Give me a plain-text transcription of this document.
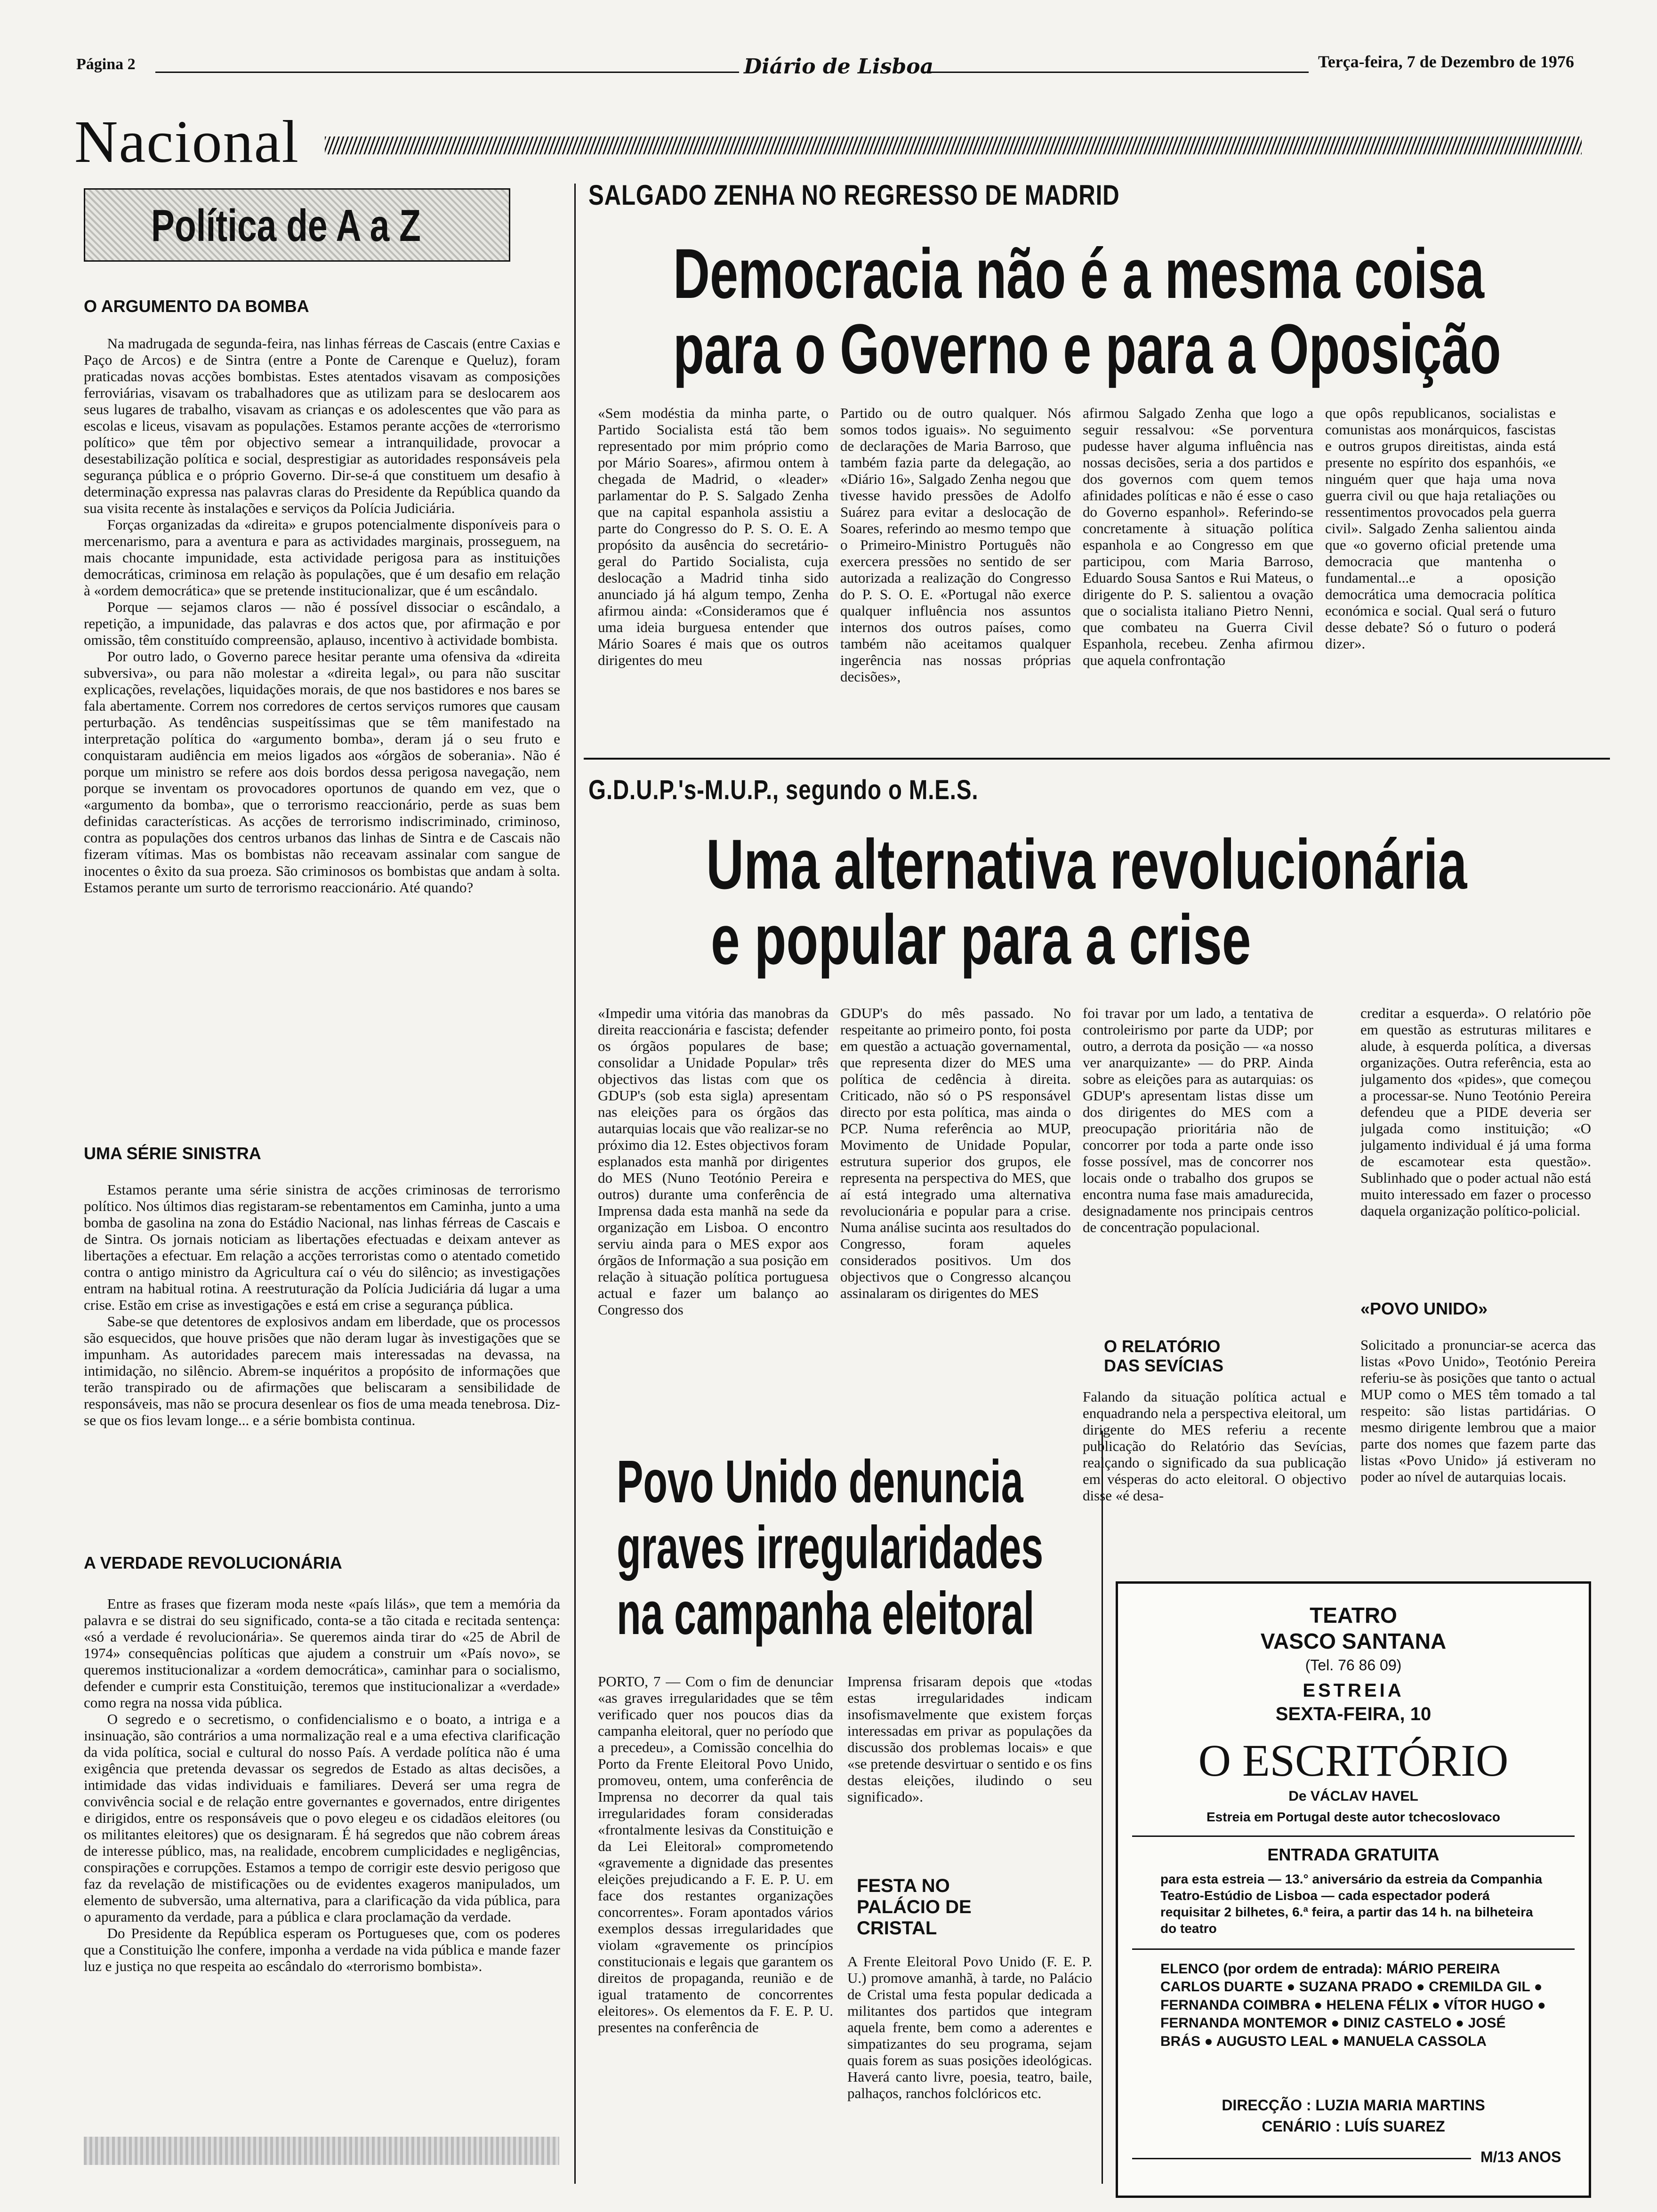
Página 2	Diário de Lisboa	Terça-feira, 7 de Dezembro de 1976
Nacional
Política de A a Z
O ARGUMENTO DA BOMBA

Na madrugada de segunda-feira, nas linhas férreas de Cascais (entre Caxias e Paço de Arcos) e de Sintra (entre a Ponte de Carenque e Queluz), foram praticadas novas acções bombistas. Estes atentados visavam as composições ferroviárias, visavam os trabalhadores que as utilizam para se deslocarem aos seus lugares de trabalho, visavam as crianças e os adolescentes que vão para as escolas e liceus, visavam as populações. Estamos perante acções de «terrorismo político» que têm por objectivo semear a intranquilidade, provocar a desestabilização política e social, desprestigiar as autoridades responsáveis pela segurança pública e o próprio Governo. Dir-se-á que constituem um desafio à determinação expressa nas palavras claras do Presidente da República quando da sua visita recente às instalações e serviços da Polícia Judiciária.

Forças organizadas da «direita» e grupos potencialmente disponíveis para o mercenarismo, para a aventura e para as actividades marginais, prosseguem, na mais chocante impunidade, esta actividade perigosa para as instituições democráticas, criminosa em relação às populações, que é um desafio em relação à «ordem democrática» que se pretende institucionalizar, que é um escândalo.

Porque — sejamos claros — não é possível dissociar o escândalo, a repetição, a impunidade, das palavras e dos actos que, por afirmação e por omissão, têm constituído compreensão, aplauso, incentivo à actividade bombista.

Por outro lado, o Governo parece hesitar perante uma ofensiva da «direita subversiva», ou para não molestar a «direita legal», ou para não suscitar explicações, revelações, liquidações morais, de que nos bastidores e nos bares se fala abertamente. Correm nos corredores de certos serviços rumores que causam perturbação. As tendências suspeitíssimas que se têm manifestado na interpretação política do «argumento bomba», deram já o seu fruto e conquistaram audiência em meios ligados aos «órgãos de soberania». Não é porque um ministro se refere aos dois bordos dessa perigosa navegação, nem porque se inventam os provocadores oportunos de quando em vez, que o «argumento da bomba», que o terrorismo reaccionário, perde as suas bem definidas características. As acções de terrorismo indiscriminado, criminoso, contra as populações dos centros urbanos das linhas de Sintra e de Cascais não fizeram vítimas. Mas os bombistas não receavam assinalar com sangue de inocentes o êxito da sua proeza. São criminosos os bombistas que andam à solta. Estamos perante um surto de terrorismo reaccionário. Até quando?

UMA SÉRIE SINISTRA

Estamos perante uma série sinistra de acções criminosas de terrorismo político. Nos últimos dias registaram-se rebentamentos em Caminha, junto a uma bomba de gasolina na zona do Estádio Nacional, nas linhas férreas de Cascais e de Sintra. Os jornais noticiam as libertações efectuadas e deixam antever as libertações a efectuar. Em relação a acções terroristas como o atentado cometido contra o antigo ministro da Agricultura caí o véu do silêncio; as investigações entram na habitual rotina. A reestruturação da Polícia Judiciária dá lugar a uma crise. Estão em crise as investigações e está em crise a segurança pública.

Sabe-se que detentores de explosivos andam em liberdade, que os processos são esquecidos, que houve prisões que não deram lugar às investigações que se impunham. As autoridades parecem mais interessadas na devassa, na intimidação, no silêncio. Abrem-se inquéritos a propósito de informações que terão transpirado ou de afirmações que beliscaram a sensibilidade de responsáveis, mas não se procura desenlear os fios de uma meada tenebrosa. Diz-se que os fios levam longe... e a série bombista continua.

A VERDADE REVOLUCIONÁRIA

Entre as frases que fizeram moda neste «país lilás», que tem a memória da palavra e se distrai do seu significado, conta-se a tão citada e recitada sentença: «só a verdade é revolucionária». Se queremos ainda tirar do «25 de Abril de 1974» consequências políticas que ajudem a construir um «País novo», se queremos institucionalizar a «ordem democrática», caminhar para o socialismo, defender e cumprir esta Constituição, teremos que institucionalizar a «verdade» como regra na nossa vida pública.

O segredo e o secretismo, o confidencialismo e o boato, a intriga e a insinuação, são contrários a uma normalização real e a uma efectiva clarificação da vida política, social e cultural do nosso País. A verdade política não é uma exigência que pretenda devassar os segredos de Estado as altas decisões, a intimidade das vidas individuais e familiares. Deverá ser uma regra de convivência social e de relação entre governantes e governados, entre dirigentes e dirigidos, entre os responsáveis que o povo elegeu e os cidadãos eleitores (ou os militantes eleitores) que os designaram. É há segredos que não cobrem áreas de interesse público, mas, na realidade, encobrem cumplicidades e negligências, conspirações e corrupções. Estamos a tempo de corrigir este desvio perigoso que faz da revelação de mistificações ou de evidentes exageros manipulados, um elemento de subversão, uma alternativa, para a clarificação da vida pública, para o apuramento da verdade, para a pública e clara proclamação da verdade.

Do Presidente da República esperam os Portugueses que, com os poderes que a Constituição lhe confere, imponha a verdade na vida pública e mande fazer luz e justiça no que respeita ao escândalo do «terrorismo bombista».

SALGADO ZENHA NO REGRESSO DE MADRID
Democracia não é a mesma coisa
para o Governo e para a Oposição
«Sem modéstia da minha parte, o Partido Socialista está tão bem representado por mim próprio como por Mário Soares», afirmou ontem à chegada de Madrid, o «leader» parlamentar do P. S. Salgado Zenha que na capital espanhola assistiu a parte do Congresso do P. S. O. E. A propósito da ausência do secretário-geral do Partido Socialista, cuja deslocação a Madrid tinha sido anunciado já há algum tempo, Zenha afirmou ainda: «Consideramos que é uma ideia burguesa entender que Mário Soares é mais que os outros dirigentes do meu
Partido ou de outro qualquer. Nós somos todos iguais». No seguimento de declarações de Maria Barroso, que também fazia parte da delegação, ao «Diário 16», Salgado Zenha negou que tivesse havido pressões de Adolfo Suárez para evitar a deslocação de Soares, referindo ao mesmo tempo que o Primeiro-Ministro Português não exercera pressões no sentido de ser autorizada a realização do Congresso do P. S. O. E. «Portugal não exerce qualquer influência nos assuntos internos dos outros países, como também não aceitamos qualquer ingerência nas nossas próprias decisões»,
afirmou Salgado Zenha que logo a seguir ressalvou: «Se porventura pudesse haver alguma influência nas nossas decisões, seria a dos partidos e dos governos com quem temos afinidades políticas e não é esse o caso do Governo espanhol». Referindo-se concretamente à situação política espanhola e ao Congresso em que participou, com Maria Barroso, Eduardo Sousa Santos e Rui Mateus, o dirigente do P. S. salientou a ovação que o socialista italiano Pietro Nenni, que combateu na Guerra Civil Espanhola, recebeu. Zenha afirmou que aquela confrontação
que opôs republicanos, socialistas e comunistas aos monárquicos, fascistas e outros grupos direitistas, ainda está presente no espírito dos espanhóis, «e ninguém quer que haja uma nova guerra civil ou que haja retaliações ou ressentimentos provocados pela guerra civil». Salgado Zenha salientou ainda que «o governo oficial pretende uma democracia que mantenha o fundamental...e a oposição democrática uma democracia política económica e social. Qual será o futuro desse debate? Só o futuro o poderá dizer».
G.D.U.P.'s-M.U.P., segundo o M.E.S.
Uma alternativa revolucionária
e popular para a crise
«Impedir uma vitória das manobras da direita reaccionária e fascista; defender os órgãos populares de base; consolidar a Unidade Popular» três objectivos das listas com que os GDUP's (sob esta sigla) apresentam nas eleições para os órgãos das autarquias locais que vão realizar-se no próximo dia 12. Estes objectivos foram esplanados esta manhã por dirigentes do MES (Nuno Teotónio Pereira e outros) durante uma conferência de Imprensa dada esta manhã na sede da organização em Lisboa. O encontro serviu ainda para o MES expor aos órgãos de Informação a sua posição em relação à situação política portuguesa actual e fazer um balanço ao Congresso dos
GDUP's do mês passado. No respeitante ao primeiro ponto, foi posta em questão a actuação governamental, que representa dizer do MES uma política de cedência à direita. Criticado, não só o PS responsável directo por esta política, mas ainda o PCP. Numa referência ao MUP, Movimento de Unidade Popular, estrutura superior dos grupos, ele representa na perspectiva do MES, que aí está integrado uma alternativa revolucionária e popular para a crise. Numa análise sucinta aos resultados do Congresso, foram aqueles considerados positivos. Um dos objectivos que o Congresso alcançou assinalaram os dirigentes do MES
foi travar por um lado, a tentativa de controleirismo por parte da UDP; por outro, a derrota da posição — «a nosso ver anarquizante» — do PRP. Ainda sobre as eleições para as autarquias: os GDUP's apresentam listas disse um dos dirigentes do MES com a preocupação prioritária não de concorrer por toda a parte onde isso fosse possível, mas de concorrer nos locais onde o trabalho dos grupos se encontra numa fase mais amadurecida, designadamente nos principais centros de concentração populacional.
creditar a esquerda». O relatório põe em questão as estruturas militares e alude, à esquerda política, a diversas organizações. Outra referência, esta ao julgamento dos «pides», que começou a processar-se. Nuno Teotónio Pereira defendeu que a PIDE deveria ser julgada como instituição; «O julgamento individual é já uma forma de escamotear esta questão». Sublinhado que o poder actual não está muito interessado em fazer o processo daquela organização político-policial.
O RELATÓRIO DAS SEVÍCIAS
Falando da situação política actual e enquadrando nela a perspectiva eleitoral, um dirigente do MES referiu a recente publicação do Relatório das Sevícias, realçando o significado da sua publicação em vésperas do acto eleitoral. O objectivo disse «é desa-
«POVO UNIDO»
Solicitado a pronunciar-se acerca das listas «Povo Unido», Teotónio Pereira referiu-se às posições que tanto o actual MUP como o MES têm tomado a tal respeito: são listas partidárias. O mesmo dirigente lembrou que a maior parte dos nomes que fazem parte das listas «Povo Unido» já estiveram no poder ao nível de autarquias locais.
Povo Unido denuncia
graves irregularidades
na campanha eleitoral
PORTO, 7 — Com o fim de denunciar «as graves irregularidades que se têm verificado quer nos poucos dias da campanha eleitoral, quer no período que a precedeu», a Comissão concelhia do Porto da Frente Eleitoral Povo Unido, promoveu, ontem, uma conferência de Imprensa no decorrer da qual tais irregularidades foram consideradas «frontalmente lesivas da Constituição e da Lei Eleitoral» comprometendo «gravemente a dignidade das presentes eleições prejudicando a F. E. P. U. em face dos restantes organizações concorrentes». Foram apontados vários exemplos dessas irregularidades que violam «gravemente os princípios constitucionais e legais que garantem os direitos de propaganda, reunião e de igual tratamento de concorrentes eleitores». Os elementos da F. E. P. U. presentes na conferência de
Imprensa frisaram depois que «todas estas irregularidades indicam insofismavelmente que existem forças interessadas em privar as populações da discussão dos problemas locais» e que «se pretende desvirtuar o sentido e os fins destas eleições, iludindo o seu significado».
FESTA NO PALÁCIO DE CRISTAL
A Frente Eleitoral Povo Unido (F. E. P. U.) promove amanhã, à tarde, no Palácio de Cristal uma festa popular dedicada a militantes dos partidos que integram aquela frente, bem como a aderentes e simpatizantes do seu programa, sejam quais forem as suas posições ideológicas. Haverá canto livre, poesia, teatro, baile, palhaços, ranchos folclóricos etc.
TEATRO
VASCO SANTANA
(Tel. 76 86 09)
ESTREIA
SEXTA-FEIRA, 10
O ESCRITÓRIO
De VÁCLAV HAVEL
Estreia em Portugal deste autor tchecoslovaco
ENTRADA GRATUITA
para esta estreia — 13.° aniversário da estreia da Companhia Teatro-Estúdio de Lisboa — cada espectador poderá requisitar 2 bilhetes, 6.ª feira, a partir das 14 h. na bilheteira do teatro
ELENCO (por ordem de entrada): MÁRIO PEREIRA CARLOS DUARTE ● SUZANA PRADO ● CREMILDA GIL ● FERNANDA COIMBRA ● HELENA FÉLIX ● VÍTOR HUGO ● FERNANDA MONTEMOR ● DINIZ CASTELO ● JOSÉ BRÁS ● AUGUSTO LEAL ● MANUELA CASSOLA
DIRECÇÃO : LUZIA MARIA MARTINS
CENÁRIO : LUÍS SUAREZ
M/13 ANOS
